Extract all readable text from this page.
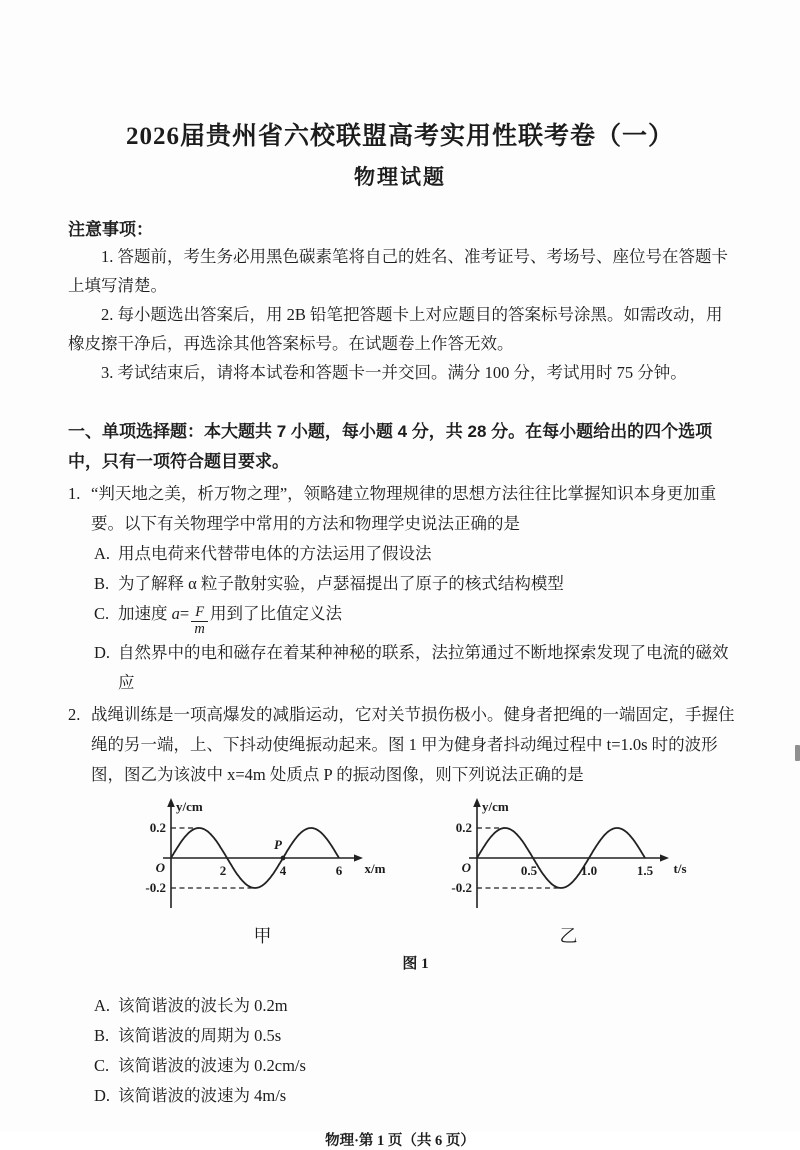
2026届贵州省六校联盟高考实用性联考卷（一）
物理试题
注意事项：

1. 答题前，考生务必用黑色碳素笔将自己的姓名、准考证号、考场号、座位号在答题卡上填写清楚。

2. 每小题选出答案后，用 2B 铅笔把答题卡上对应题目的答案标号涂黑。如需改动，用橡皮擦干净后，再选涂其他答案标号。在试题卷上作答无效。

3. 考试结束后，请将本试卷和答题卡一并交回。满分 100 分，考试用时 75 分钟。

一、单项选择题：本大题共 7 小题，每小题 4 分，共 28 分。在每小题给出的四个选项中，只有一项符合题目要求。
1. “判天地之美，析万物之理”，领略建立物理规律的思想方法往往比掌握知识本身更加重要。以下有关物理学中常用的方法和物理学史说法正确的是
A. 用点电荷来代替带电体的方法运用了假设法
B. 为了解释 α 粒子散射实验，卢瑟福提出了原子的核式结构模型
C. 加速度 $a= \frac{F}{m}$ 用到了比值定义法
D. 自然界中的电和磁存在着某种神秘的联系，法拉第通过不断地探索发现了电流的磁效应
2. 战绳训练是一项高爆发的减脂运动，它对关节损伤极小。健身者把绳的一端固定，手握住绳的另一端，上、下抖动使绳振动起来。图 1 甲为健身者抖动绳过程中 t=1.0s 时的波形图，图乙为该波中 x=4m 处质点 P 的振动图像，则下列说法正确的是
y/cm
0.2
-0.2
O	2	4	6 x/m
P
甲
y/cm
0.2
-0.2
O	0.5	1.0	1.5 t/s
乙
图 1
A. 该简谐波的波长为 0.2m
B. 该简谐波的周期为 0.5s
C. 该简谐波的波速为 0.2cm/s
D. 该简谐波的波速为 4m/s
物理·第 1 页（共 6 页）
